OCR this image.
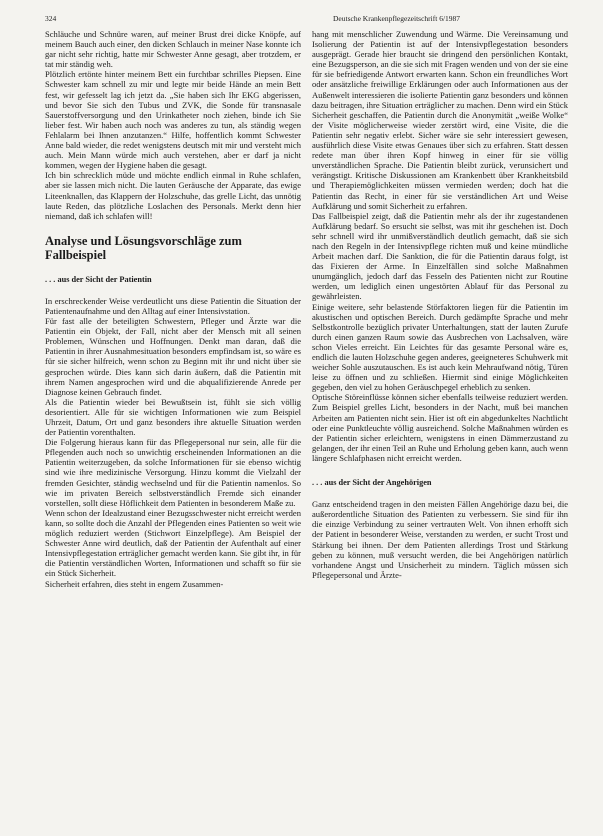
324	Deutsche Krankenpflegezeitschrift 6/1987

Schläuche und Schnüre waren, auf meiner Brust drei dicke Knöpfe, auf meinem Bauch auch einer, den dicken Schlauch in meiner Nase konnte ich gar nicht sehr richtig, hatte mir Schwester Anne gesagt, aber trotzdem, er tat mir ständig weh.

Plötzlich ertönte hinter meinem Bett ein furchtbar schrilles Piepsen. Eine Schwester kam schnell zu mir und legte mir beide Hände an mein Bett fest, wir gefesselt lag ich jetzt da. „Sie haben sich Ihr EKG abgerissen, und bevor Sie sich den Tubus und ZVK, die Sonde für transnasale Sauerstoffversorgung und den Urinkatheter noch ziehen, binde ich Sie lieber fest. Wir haben auch noch was anderes zu tun, als ständig wegen Fehlalarm bei Ihnen anzutanzen.“ Hilfe, hoffentlich kommt Schwester Anne bald wieder, die redet wenigstens deutsch mit mir und versteht mich auch. Mein Mann würde mich auch verstehen, aber er darf ja nicht kommen, wegen der Hygiene haben die gesagt.

Ich bin schrecklich müde und möchte endlich einmal in Ruhe schlafen, aber sie lassen mich nicht. Die lauten Geräusche der Apparate, das ewige Liteenknallen, das Klappern der Holzschuhe, das grelle Licht, das unnötig laute Reden, das plötzliche Loslachen des Personals. Merkt denn hier niemand, daß ich schlafen will!

Analyse und Lösungsvorschläge zum Fallbeispiel
. . . aus der Sicht der Patientin

In erschreckender Weise verdeutlicht uns diese Patientin die Situation der Patientenaufnahme und den Alltag auf einer Intensivstation.

Für fast alle der beteiligten Schwestern, Pfleger und Ärzte war die Patientin ein Objekt, der Fall, nicht aber der Mensch mit all seinen Problemen, Wünschen und Hoffnungen. Denkt man daran, daß die Patientin in ihrer Ausnahmesituation besonders empfindsam ist, so wäre es für sie sicher hilfreich, wenn schon zu Beginn mit ihr und nicht über sie gesprochen würde. Dies kann sich darin äußern, daß die Patientin mit ihrem Namen angesprochen wird und die abqualifizierende Anrede per Diagnose keinen Gebrauch findet.

Als die Patientin wieder bei Bewußtsein ist, fühlt sie sich völlig desorientiert. Alle für sie wichtigen Informationen wie zum Beispiel Uhrzeit, Datum, Ort und ganz besonders ihre aktuelle Situation werden der Patientin vorenthalten.

Die Folgerung hieraus kann für das Pflegepersonal nur sein, alle für die Pflegenden auch noch so unwichtig erscheinenden Informationen an die Patientin weiterzugeben, da solche Informationen für sie ebenso wichtig sind wie ihre medizinische Versorgung. Hinzu kommt die Vielzahl der fremden Gesichter, ständig wechselnd und für die Patientin namenlos. So wie im privaten Bereich selbstverständlich Fremde sich einander vorstellen, sollt diese Höflichkeit dem Patienten in besonderem Maße zu.

Wenn schon der Idealzustand einer Bezugsschwester nicht erreicht werden kann, so sollte doch die Anzahl der Pflegenden eines Patienten so weit wie möglich reduziert werden (Stichwort Einzelpflege). Am Beispiel der Schwester Anne wird deutlich, daß der Patientin der Aufenthalt auf einer Intensivpflegestation erträglicher gemacht werden kann. Sie gibt ihr, in für die Patientin verständlichen Worten, Informationen und schafft so für sie ein Stück Sicherheit.

Sicherheit erfahren, dies steht in engem Zusammen-

hang mit menschlicher Zuwendung und Wärme. Die Vereinsamung und Isolierung der Patientin ist auf der Intensivpflegestation besonders ausgeprägt. Gerade hier braucht sie dringend den persönlichen Kontakt, eine Bezugsperson, an die sie sich mit Fragen wenden und von der sie eine für sie befriedigende Antwort erwarten kann. Schon ein freundliches Wort oder ansätzliche freiwillige Erklärungen oder auch Informationen aus der Außenwelt interessieren die isolierte Patientin ganz besonders und können dazu beitragen, ihre Situation erträglicher zu machen. Denn wird ein Stück Sicherheit geschaffen, die Patientin durch die Anonymität „weiße Wolke“ der Visite möglicherweise wieder zerstört wird, eine Visite, die die Patientin sehr negativ erlebt. Sicher wäre sie sehr interessiert gewesen, ausführlich diese Visite etwas Genaues über sich zu erfahren. Statt dessen redete man über ihren Kopf hinweg in einer für sie völlig unverständlichen Sprache. Die Patientin bleibt zurück, verunsichert und verängstigt. Kritische Diskussionen am Krankenbett über Krankheitsbild und Therapiemöglichkeiten müssen vermieden werden; doch hat die Patientin das Recht, in einer für sie verständlichen Art und Weise Aufklärung und somit Sicherheit zu erfahren.

Das Fallbeispiel zeigt, daß die Patientin mehr als der ihr zugestandenen Aufklärung bedarf. So ersucht sie selbst, was mit ihr geschehen ist. Doch sehr schnell wird ihr unmißverständlich deutlich gemacht, daß sie sich nach den Regeln in der Intensivpflege richten muß und keine mündliche Arbeit machen darf. Die Sanktion, die für die Patientin daraus folgt, ist das Fixieren der Arme. In Einzelfällen sind solche Maßnahmen unumgänglich, jedoch darf das Fesseln des Patienten nicht zur Routine werden, um lediglich einen ungestörten Ablauf für das Personal zu gewährleisten.

Einige weitere, sehr belastende Störfaktoren liegen für die Patientin im akustischen und optischen Bereich. Durch gedämpfte Sprache und mehr Selbstkontrolle bezüglich privater Unterhaltungen, statt der lauten Zurufe durch einen ganzen Raum sowie das Ausbrechen von Lachsalven, wäre schon Vieles erreicht. Ein Leichtes für das gesamte Personal wäre es, endlich die lauten Holzschuhe gegen anderes, geeigneteres Schuhwerk mit weicher Sohle auszutauschen. Es ist auch kein Mehraufwand nötig, Türen leise zu öffnen und zu schließen. Hiermit sind einige Möglichkeiten gegeben, den viel zu hohen Geräuschpegel erheblich zu senken.

Optische Störeinflüsse können sicher ebenfalls teilweise reduziert werden. Zum Beispiel grelles Licht, besonders in der Nacht, muß bei manchen Arbeiten am Patienten nicht sein. Hier ist oft ein abgedunkeltes Nachtlicht oder eine Punktleuchte völlig ausreichend. Solche Maßnahmen würden es der Patientin sicher erleichtern, wenigstens in einen Dämmerzustand zu gelangen, der ihr einen Teil an Ruhe und Erholung geben kann, auch wenn längere Schlafphasen nicht erreicht werden.

. . . aus der Sicht der Angehörigen

Ganz entscheidend tragen in den meisten Fällen Angehörige dazu bei, die außerordentliche Situation des Patienten zu verbessern. Sie sind für ihn die einzige Verbindung zu seiner vertrauten Welt. Von ihnen erhofft sich der Patient in besonderer Weise, verstanden zu werden, er sucht Trost und Stärkung bei ihnen. Der dem Patienten allerdings Trost und Stärkung geben zu können, muß versucht werden, die bei Angehörigen natürlich vorhandene Angst und Unsicherheit zu mindern. Täglich müssen sich Pflegepersonal und Ärzte-
